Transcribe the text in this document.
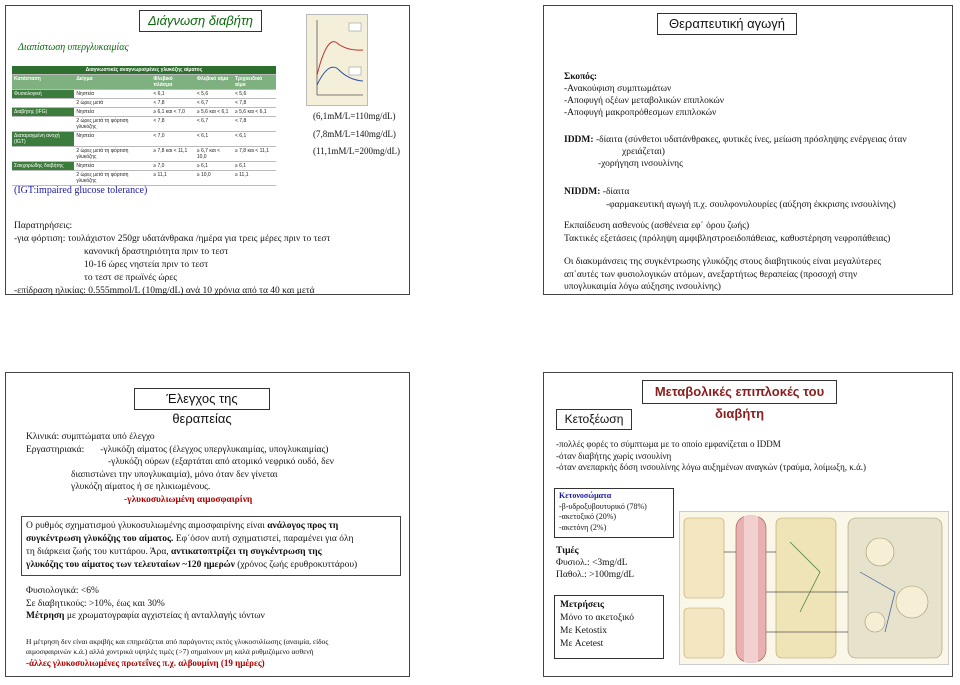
Διάγνωση διαβήτη
Διαπίστωση υπεργλυκαιμίας
Διαγνωστικές αναγνωρισμένες γλυκόζης αίματος				
Κατάσταση	Δείγμα	Φλεβικό πλάσμα	Φλεβικό αίμα	Τριχοειδικό αίμα
Φυσιολογική	Νηστεία	< 6,1	< 5,6	< 5,6
	2 ώρες μετά	< 7,8	< 6,7	< 7,8
Διαβήτης (IFG)	Νηστεία	≥ 6,1 και < 7,0	≥ 5,6 και < 6,1	≥ 5,6 και < 6,1
	2 ώρες μετά τη φόρτιση γλυκόζης	< 7,8	< 6,7	< 7,8
Διαταραγμένη ανοχή (IGT)	Νηστεία	< 7,0	< 6,1	< 6,1
	2 ώρες μετά τη φόρτιση γλυκόζης	≥ 7,8 και < 11,1	≥ 6,7 και < 10,0	≥ 7,8 και < 11,1
Σακχαρώδης διαβήτης	Νηστεία	≥ 7,0	≥ 6,1	≥ 6,1
	2 ώρες μετά τη φόρτιση γλυκόζης	≥ 11,1	≥ 10,0	≥ 11,1
(6,1mM/L=110mg/dL)
(7,8mM/L=140mg/dL)
(11,1mM/L=200mg/dL)
(IGT:impaired glucose tolerance)
Παρατηρήσεις:
-για φόρτιση: τουλάχιστον 250gr υδατάνθρακα /ημέρα για τρεις μέρες πριν το τεστ
κανονική δραστηριότητα πριν το τεστ
10-16 ώρες νηστεία πριν το τεστ
το τεστ σε πρωϊνές ώρες
-επίδραση ηλικίας: 0.555mmol/L (10mg/dL) ανά 10 χρόνια από τα 40 και μετά
Θεραπευτική αγωγή
Σκοπός:
-Ανακούφιση συμπτωμάτων
-Αποφυγή οξέων μεταβολικών επιπλοκών
-Αποφυγή μακροπρόθεσμων επιπλοκών
IDDM: -δίαιτα (σύνθετοι υδατάνθρακες, φυτικές ίνες, μείωση πρόσληψης ενέργειας όταν
χρειάζεται)
-χορήγηση ινσουλίνης
NIDDM: -δίαιτα
-φαρμακευτική αγωγή π.χ. σουλφονυλουρίες (αύξηση έκκρισης ινσουλίνης)
Εκπαίδευση ασθενούς (ασθένεια εφ΄ όρου ζωής)
Τακτικές εξετάσεις (πρόληψη αμφιβληστροειδοπάθειας, καθυστέρηση νεφροπάθειας)
Οι διακυμάνσεις της συγκέντρωσης γλυκόζης στους διαβητικούς είναι μεγαλύτερες
απ΄αυτές των φυσιολογικών ατόμων, ανεξαρτήτως θεραπείας (προσοχή στην
υπογλυκαιμία λόγω αύξησης ινσουλίνης)
Έλεγχος της θεραπείας
Κλινικά: συμπτώματα υπό έλεγχο
Εργαστηριακά: -γλυκόζη αίματος (έλεγχος υπεργλυκαιμίας, υπογλυκαιμίας)
-γλυκόζη ούρων (εξαρτάται από ατομικό νεφρικό ουδό, δεν
διαπιστώνει την υπογλυκαιμία), μόνο όταν δεν γίνεται
γλυκόζη αίματος ή σε ηλικιωμένους.
-γλυκοσυλιωμένη αιμοσφαιρίνη
Ο ρυθμός σχηματισμού γλυκοσυλιωμένης αιμοσφαιρίνης είναι ανάλογος προς τη
συγκέντρωση γλυκόζης του αίματος. Εφ΄όσον αυτή σχηματιστεί, παραμένει για όλη
τη διάρκεια ζωής του κυττάρου. Άρα, αντικατοπτρίζει τη συγκέντρωση της
γλυκόζης του αίματος των τελευταίων ~120 ημερών (χρόνος ζωής ερυθροκυττάρου)
Φυσιολογικά: <6%
Σε διαβητικούς: >10%, έως και 30%
Μέτρηση με χρωματογραφία αγχιστείας ή ανταλλαγής ιόντων
Η μέτρηση δεν είναι ακριβής και επηρεάζεται από παράγοντες εκτός γλυκοσυλίωσης (αναιμία, είδος
αιμοσφαιρινών κ.ά.) αλλά χοντρικά υψηλές τιμές (>7) σημαίνουν μη καλά ρυθμιζόμενο ασθενή
-άλλες γλυκοσυλιωμένες πρωτεΐνες π.χ. αλβουμίνη (19 ημέρες)
Μεταβολικές επιπλοκές του διαβήτη
Κετοξέωση
-πολλές φορές το σύμπτωμα με το οποίο εμφανίζεται ο IDDM
-όταν διαβήτης χωρίς ινσουλίνη
-όταν ανεπαρκής δόση ινσουλίνης λόγω αυξημένων αναγκών (τραύμα, λοίμωξη, κ.ά.)
Κετονοσώματα
-β-υδροξυβουτυρικό (78%)
-ακετοξικό (20%)
-ακετόνη (2%)
Τιμές
Φυσιολ.: <3mg/dL
Παθολ.: >100mg/dL
Μετρήσεις
Μόνο το ακετοξικό
Με Ketostix
Με Acetest
